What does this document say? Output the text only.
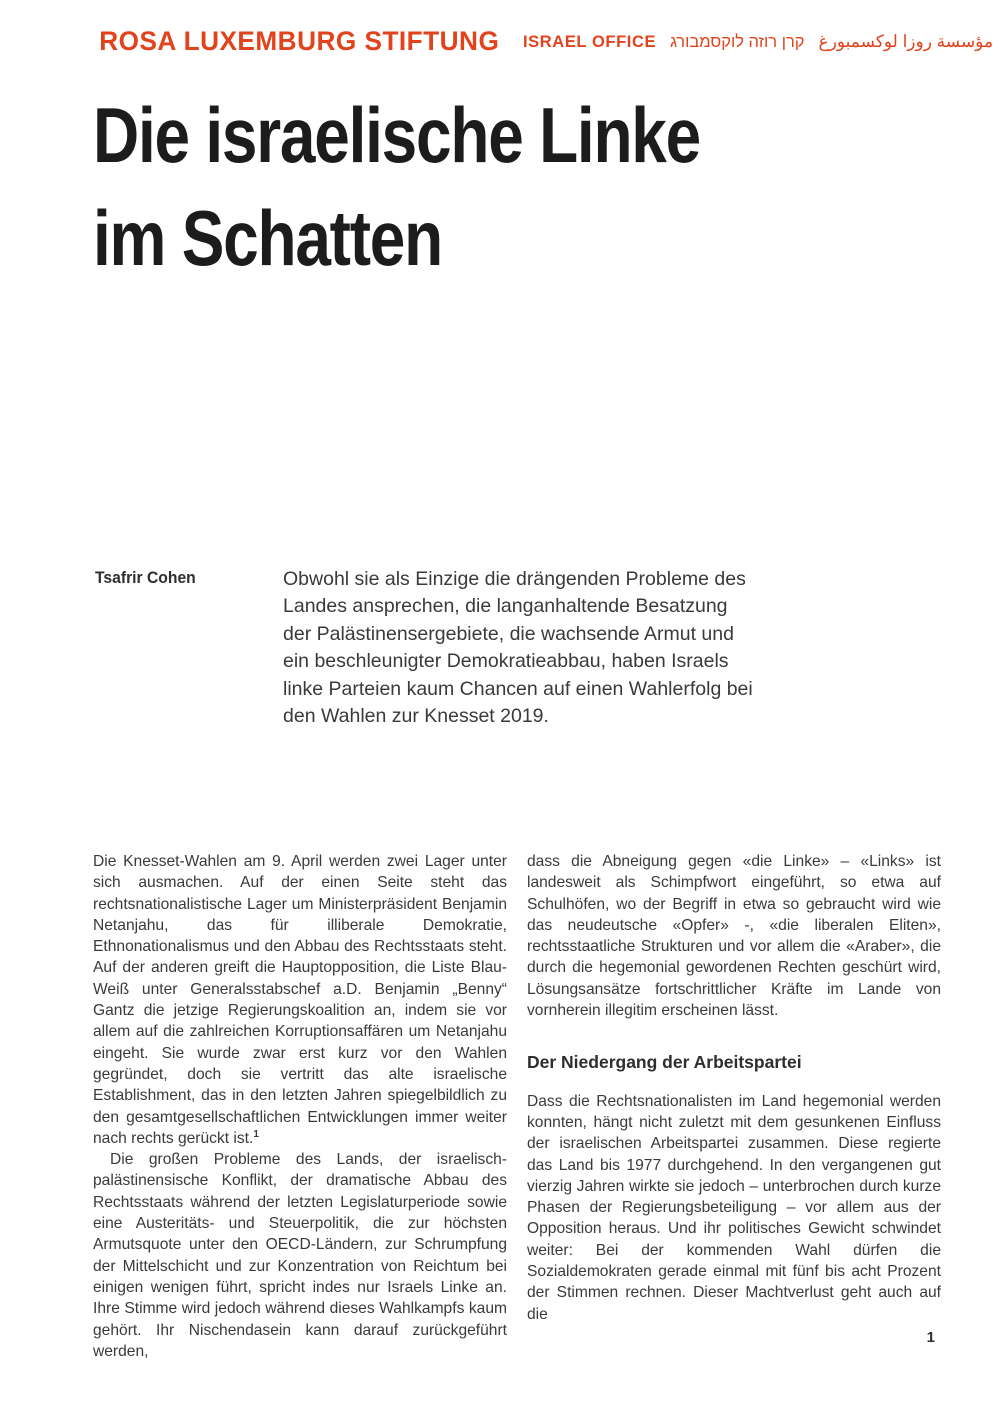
ROSA LUXEMBURG STIFTUNG ISRAEL OFFICE קרן רוזה לוקסמבורג مؤسسة روزا لوكسمبورغ
Die israelische Linke
im Schatten
Tsafrir Cohen	Obwohl sie als Einzige die drängenden Probleme des Landes ansprechen, die langanhaltende Besatzung der Palästinensergebiete, die wachsende Armut und ein beschleunigter Demokratieabbau, haben Israels linke Parteien kaum Chancen auf einen Wahlerfolg bei den Wahlen zur Knesset 2019.

Die Knesset-Wahlen am 9. April werden zwei Lager unter sich ausmachen. Auf der einen Seite steht das rechtsnationalistische Lager um Ministerpräsident Benjamin Netanjahu, das für illiberale Demokratie, Ethnonationalismus und den Abbau des Rechtsstaats steht. Auf der anderen greift die Hauptopposition, die Liste Blau-Weiß unter Generalsstabschef a.D. Benjamin „Benny“ Gantz die jetzige Regierungskoalition an, indem sie vor allem auf die zahlreichen Korruptionsaffären um Netanjahu eingeht. Sie wurde zwar erst kurz vor den Wahlen gegründet, doch sie vertritt das alte israelische Establishment, das in den letzten Jahren spiegelbildlich zu den gesamtgesellschaftlichen Entwicklungen immer weiter nach rechts gerückt ist.$^1$

Die großen Probleme des Lands, der israelisch-palästinensische Konflikt, der dramatische Abbau des Rechtsstaats während der letzten Legislaturperiode sowie eine Austeritäts- und Steuerpolitik, die zur höchsten Armutsquote unter den OECD-Ländern, zur Schrumpfung der Mittelschicht und zur Konzentration von Reichtum bei einigen wenigen führt, spricht indes nur Israels Linke an. Ihre Stimme wird jedoch während dieses Wahlkampfs kaum gehört. Ihr Nischendasein kann darauf zurückgeführt werden,

dass die Abneigung gegen «die Linke» – «Links» ist landesweit als Schimpfwort eingeführt, so etwa auf Schulhöfen, wo der Begriff in etwa so gebraucht wird wie das neudeutsche «Opfer» -, «die liberalen Eliten», rechtsstaatliche Strukturen und vor allem die «Araber», die durch die hegemonial gewordenen Rechten geschürt wird, Lösungsansätze fortschrittlicher Kräfte im Lande von vornherein illegitim erscheinen lässt.

Der Niedergang der Arbeitspartei

Dass die Rechtsnationalisten im Land hegemonial werden konnten, hängt nicht zuletzt mit dem gesunkenen Einfluss der israelischen Arbeitspartei zusammen. Diese regierte das Land bis 1977 durchgehend. In den vergangenen gut vierzig Jahren wirkte sie jedoch – unterbrochen durch kurze Phasen der Regierungsbeteiligung – vor allem aus der Opposition heraus. Und ihr politisches Gewicht schwindet weiter: Bei der kommenden Wahl dürfen die Sozialdemokraten gerade einmal mit fünf bis acht Prozent der Stimmen rechnen. Dieser Machtverlust geht auch auf die

1
